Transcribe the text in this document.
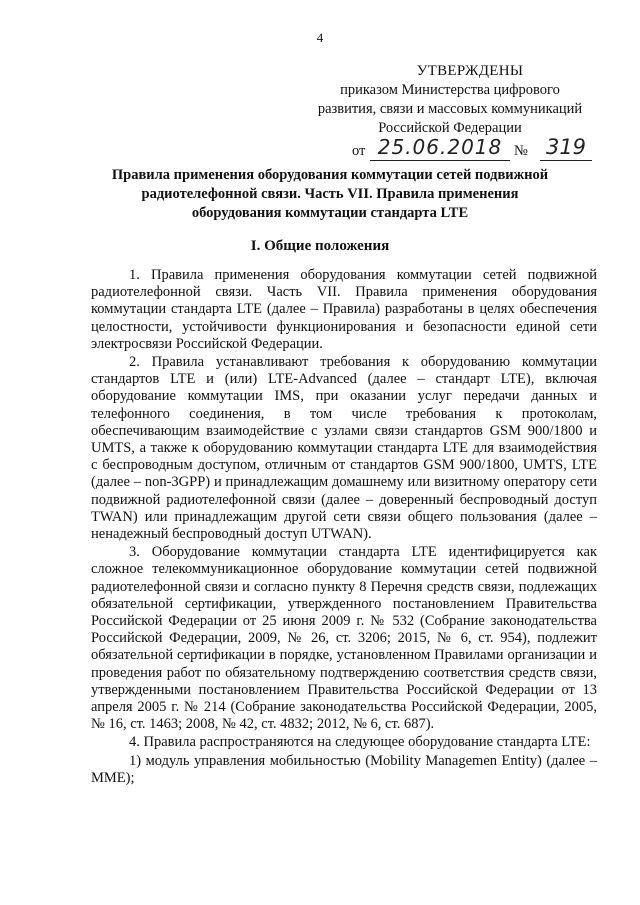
4
УТВЕРЖДЕНЫ
приказом Министерства цифрового
развития, связи и массовых коммуникаций
Российской Федерации
от 25.06.2018 № 319
Правила применения оборудования коммутации сетей подвижной
радиотелефонной связи. Часть VII. Правила применения
оборудования коммутации стандарта LTE
I. Общие положения

1. Правила применения оборудования коммутации сетей подвижной радиотелефонной связи. Часть VII. Правила применения оборудования коммутации стандарта LTE (далее – Правила) разработаны в целях обеспечения целостности, устойчивости функционирования и безопасности единой сети электросвязи Российской Федерации.

2. Правила устанавливают требования к оборудованию коммутации стандартов LTE и (или) LTE-Advanced (далее – стандарт LTE), включая оборудование коммутации IMS, при оказании услуг передачи данных и телефонного соединения, в том числе требования к протоколам, обеспечивающим взаимодействие с узлами связи стандартов GSM 900/1800 и UMTS, а также к оборудованию коммутации стандарта LTE для взаимодействия с беспроводным доступом, отличным от стандартов GSM 900/1800, UMTS, LTE (далее – non-3GPP) и принадлежащим домашнему или визитному оператору сети подвижной радиотелефонной связи (далее – доверенный беспроводный доступ TWAN) или принадлежащим другой сети связи общего пользования (далее – ненадежный беспроводный доступ UTWAN).

3. Оборудование коммутации стандарта LTE идентифицируется как сложное телекоммуникационное оборудование коммутации сетей подвижной радиотелефонной связи и согласно пункту 8 Перечня средств связи, подлежащих обязательной сертификации, утвержденного постановлением Правительства Российской Федерации от 25 июня 2009 г. № 532 (Собрание законодательства Российской Федерации, 2009, № 26, ст. 3206; 2015, № 6, ст. 954), подлежит обязательной сертификации в порядке, установленном Правилами организации и проведения работ по обязательному подтверждению соответствия средств связи, утвержденными постановлением Правительства Российской Федерации от 13 апреля 2005 г. № 214 (Собрание законодательства Российской Федерации, 2005, № 16, ст. 1463; 2008, № 42, ст. 4832; 2012, № 6, ст. 687).

4. Правила распространяются на следующее оборудование стандарта LTE:

1) модуль управления мобильностью (Mobility Managemen Entity) (далее – MME);
